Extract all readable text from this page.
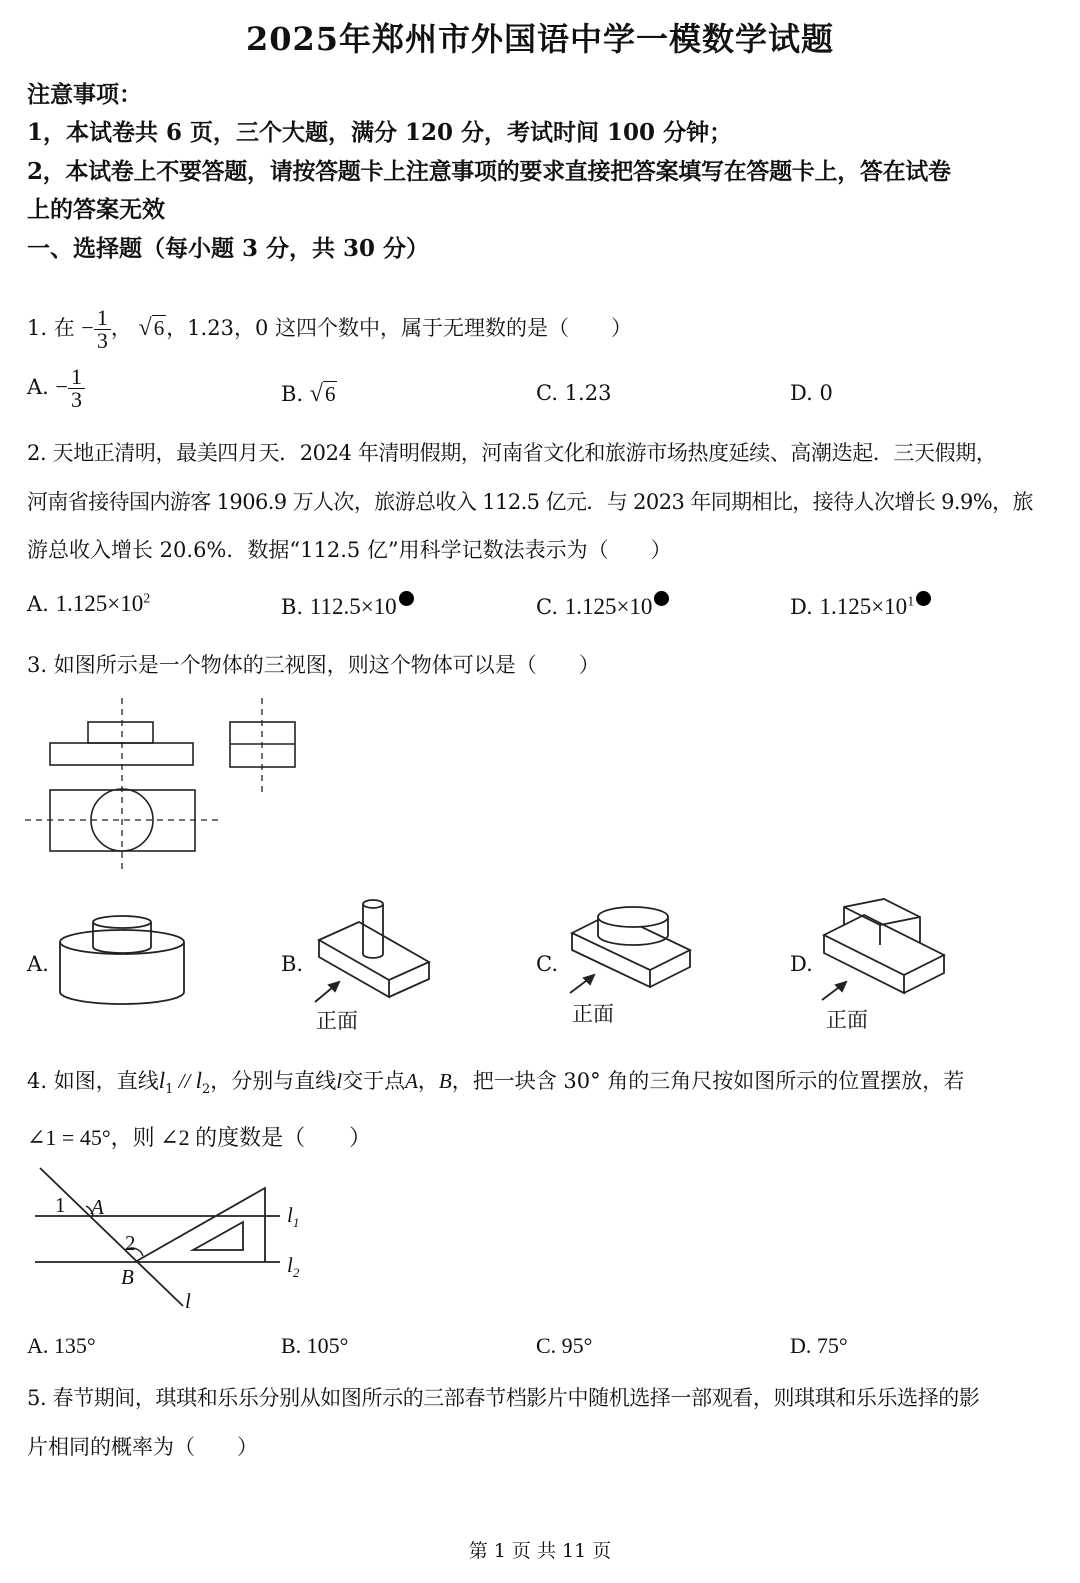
2025年郑州市外国语中学一模数学试题
注意事项：
1，本试卷共 6 页，三个大题，满分 120 分，考试时间 100 分钟；
2，本试卷上不要答题，请按答题卡上注意事项的要求直接把答案填写在答题卡上，答在试卷
上的答案无效
一、选择题（每小题 3 分，共 30 分）
1. 在 − $\frac{1}{3}$ ， √6，1.23，0 这四个数中，属于无理数的是（　　）
A. − $\frac{1}{3}$	B. √6	C. 1.23	D. 0
2. 天地正清明，最美四月天．2024 年清明假期，河南省文化和旅游市场热度延续、高潮迭起．三天假期，
河南省接待国内游客 1906.9 万人次，旅游总收入 112.5 亿元．与 2023 年同期相比，接待人次增长 9.9%，旅
游总收入增长 20.6%．数据“112.5 亿”用科学记数法表示为（　　）
A. $1.125\times 10^2$	B. 112.5×10	C. 1.125×10	D. $1.125\times 10^1$
3. 如图所示是一个物体的三视图，则这个物体可以是（　　）
A.	B.
正面
C.
正面
D.
正面
4. 如图，直线$l_1 // l_2$，分别与直线l交于点A，B，把一块含 30° 角的三角尺按如图所示的位置摆放，若
∠1 = 45°，则 ∠2 的度数是（　　）
1 A
2
B
l
$l_1$
$l_2$
A. 135°	B. 105°	C. 95°	D. 75°
5. 春节期间，琪琪和乐乐分别从如图所示的三部春节档影片中随机选择一部观看，则琪琪和乐乐选择的影
片相同的概率为（　　）
第 1 页 共 11 页
